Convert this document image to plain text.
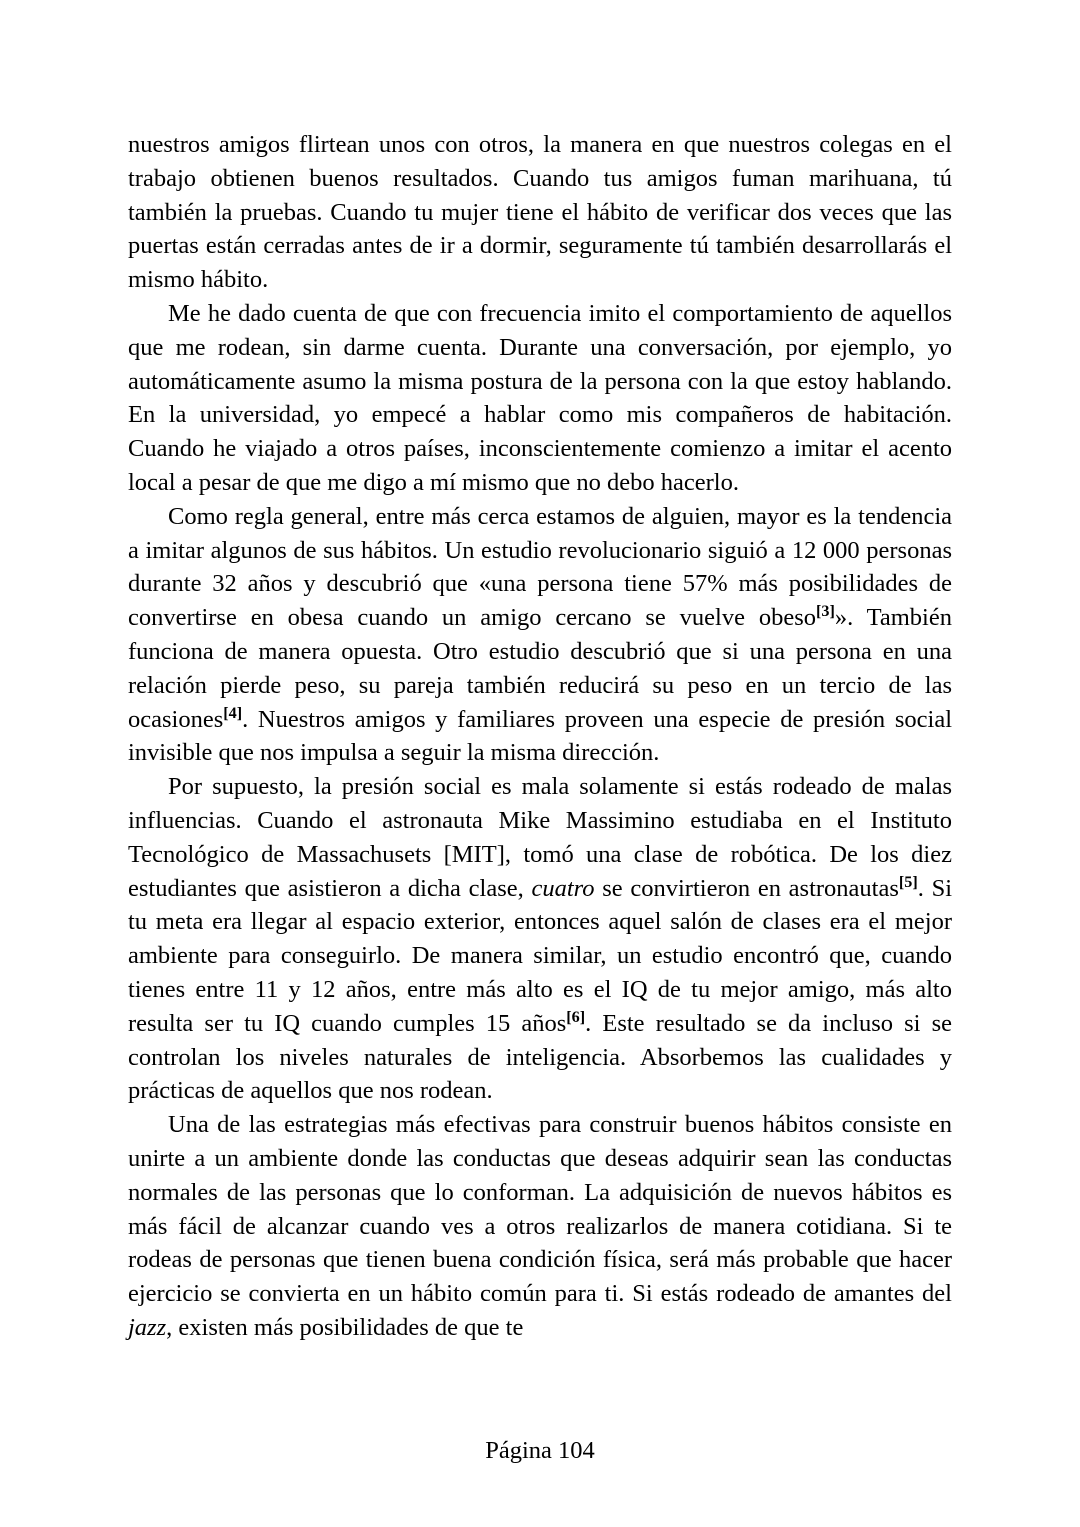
nuestros amigos flirtean unos con otros, la manera en que nuestros colegas en el trabajo obtienen buenos resultados. Cuando tus amigos fuman marihuana, tú también la pruebas. Cuando tu mujer tiene el hábito de verificar dos veces que las puertas están cerradas antes de ir a dormir, seguramente tú también desarrollarás el mismo hábito.

Me he dado cuenta de que con frecuencia imito el comportamiento de aquellos que me rodean, sin darme cuenta. Durante una conversación, por ejemplo, yo automáticamente asumo la misma postura de la persona con la que estoy hablando. En la universidad, yo empecé a hablar como mis compañeros de habitación. Cuando he viajado a otros países, inconscientemente comienzo a imitar el acento local a pesar de que me digo a mí mismo que no debo hacerlo.

Como regla general, entre más cerca estamos de alguien, mayor es la tendencia a imitar algunos de sus hábitos. Un estudio revolucionario siguió a 12 000 personas durante 32 años y descubrió que «una persona tiene 57% más posibilidades de convertirse en obesa cuando un amigo cercano se vuelve obeso[3]». También funciona de manera opuesta. Otro estudio descubrió que si una persona en una relación pierde peso, su pareja también reducirá su peso en un tercio de las ocasiones[4]. Nuestros amigos y familiares proveen una especie de presión social invisible que nos impulsa a seguir la misma dirección.

Por supuesto, la presión social es mala solamente si estás rodeado de malas influencias. Cuando el astronauta Mike Massimino estudiaba en el Instituto Tecnológico de Massachusets [MIT], tomó una clase de robótica. De los diez estudiantes que asistieron a dicha clase, cuatro se convirtieron en astronautas[5]. Si tu meta era llegar al espacio exterior, entonces aquel salón de clases era el mejor ambiente para conseguirlo. De manera similar, un estudio encontró que, cuando tienes entre 11 y 12 años, entre más alto es el IQ de tu mejor amigo, más alto resulta ser tu IQ cuando cumples 15 años[6]. Este resultado se da incluso si se controlan los niveles naturales de inteligencia. Absorbemos las cualidades y prácticas de aquellos que nos rodean.

Una de las estrategias más efectivas para construir buenos hábitos consiste en unirte a un ambiente donde las conductas que deseas adquirir sean las conductas normales de las personas que lo conforman. La adquisición de nuevos hábitos es más fácil de alcanzar cuando ves a otros realizarlos de manera cotidiana. Si te rodeas de personas que tienen buena condición física, será más probable que hacer ejercicio se convierta en un hábito común para ti. Si estás rodeado de amantes del jazz, existen más posibilidades de que te

Página 104
